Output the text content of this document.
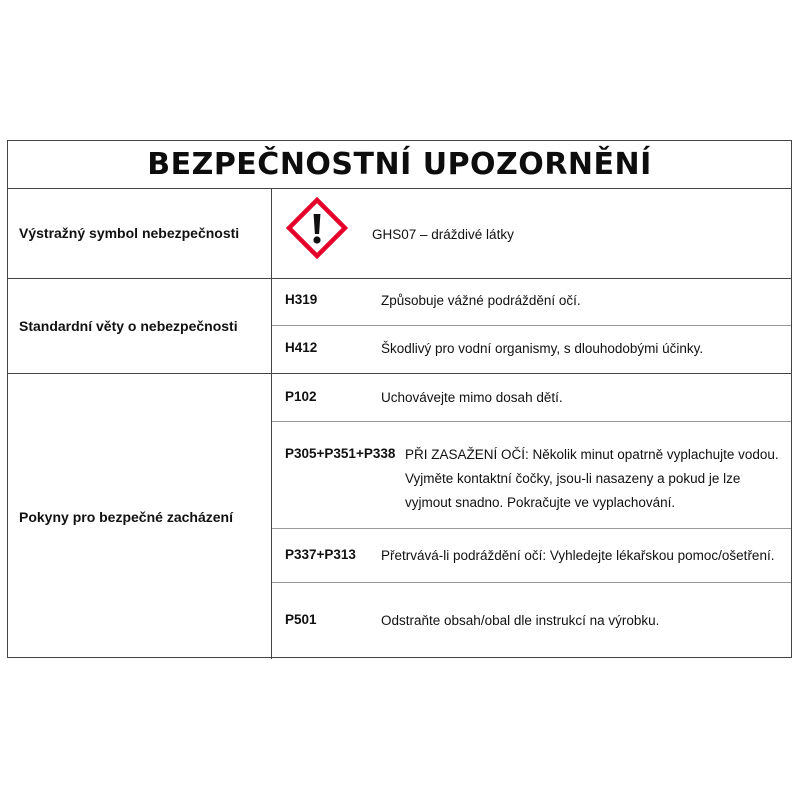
BEZPEČNOSTNÍ UPOZORNĚNÍ
Výstražný symbol nebezpečnosti	GHS07 – dráždivé látky
Standardní věty o nebezpečnosti
H319	Způsobuje vážné podráždění očí.
H412	Škodlivý pro vodní organismy, s dlouhodobými účinky.
Pokyny pro bezpečné zacházení
P102	Uchovávejte mimo dosah dětí.
P305+P351+P338 PŘI ZASAŽENÍ OČÍ: Několik minut opatrně vyplachujte vodou.
Vyjměte kontaktní čočky, jsou-li nasazeny a pokud je lze
vyjmout snadno. Pokračujte ve vyplachování.
P337+P313 Přetrvává-li podráždění očí: Vyhledejte lékařskou pomoc/ošetření.
P501	Odstraňte obsah/obal dle instrukcí na výrobku.
